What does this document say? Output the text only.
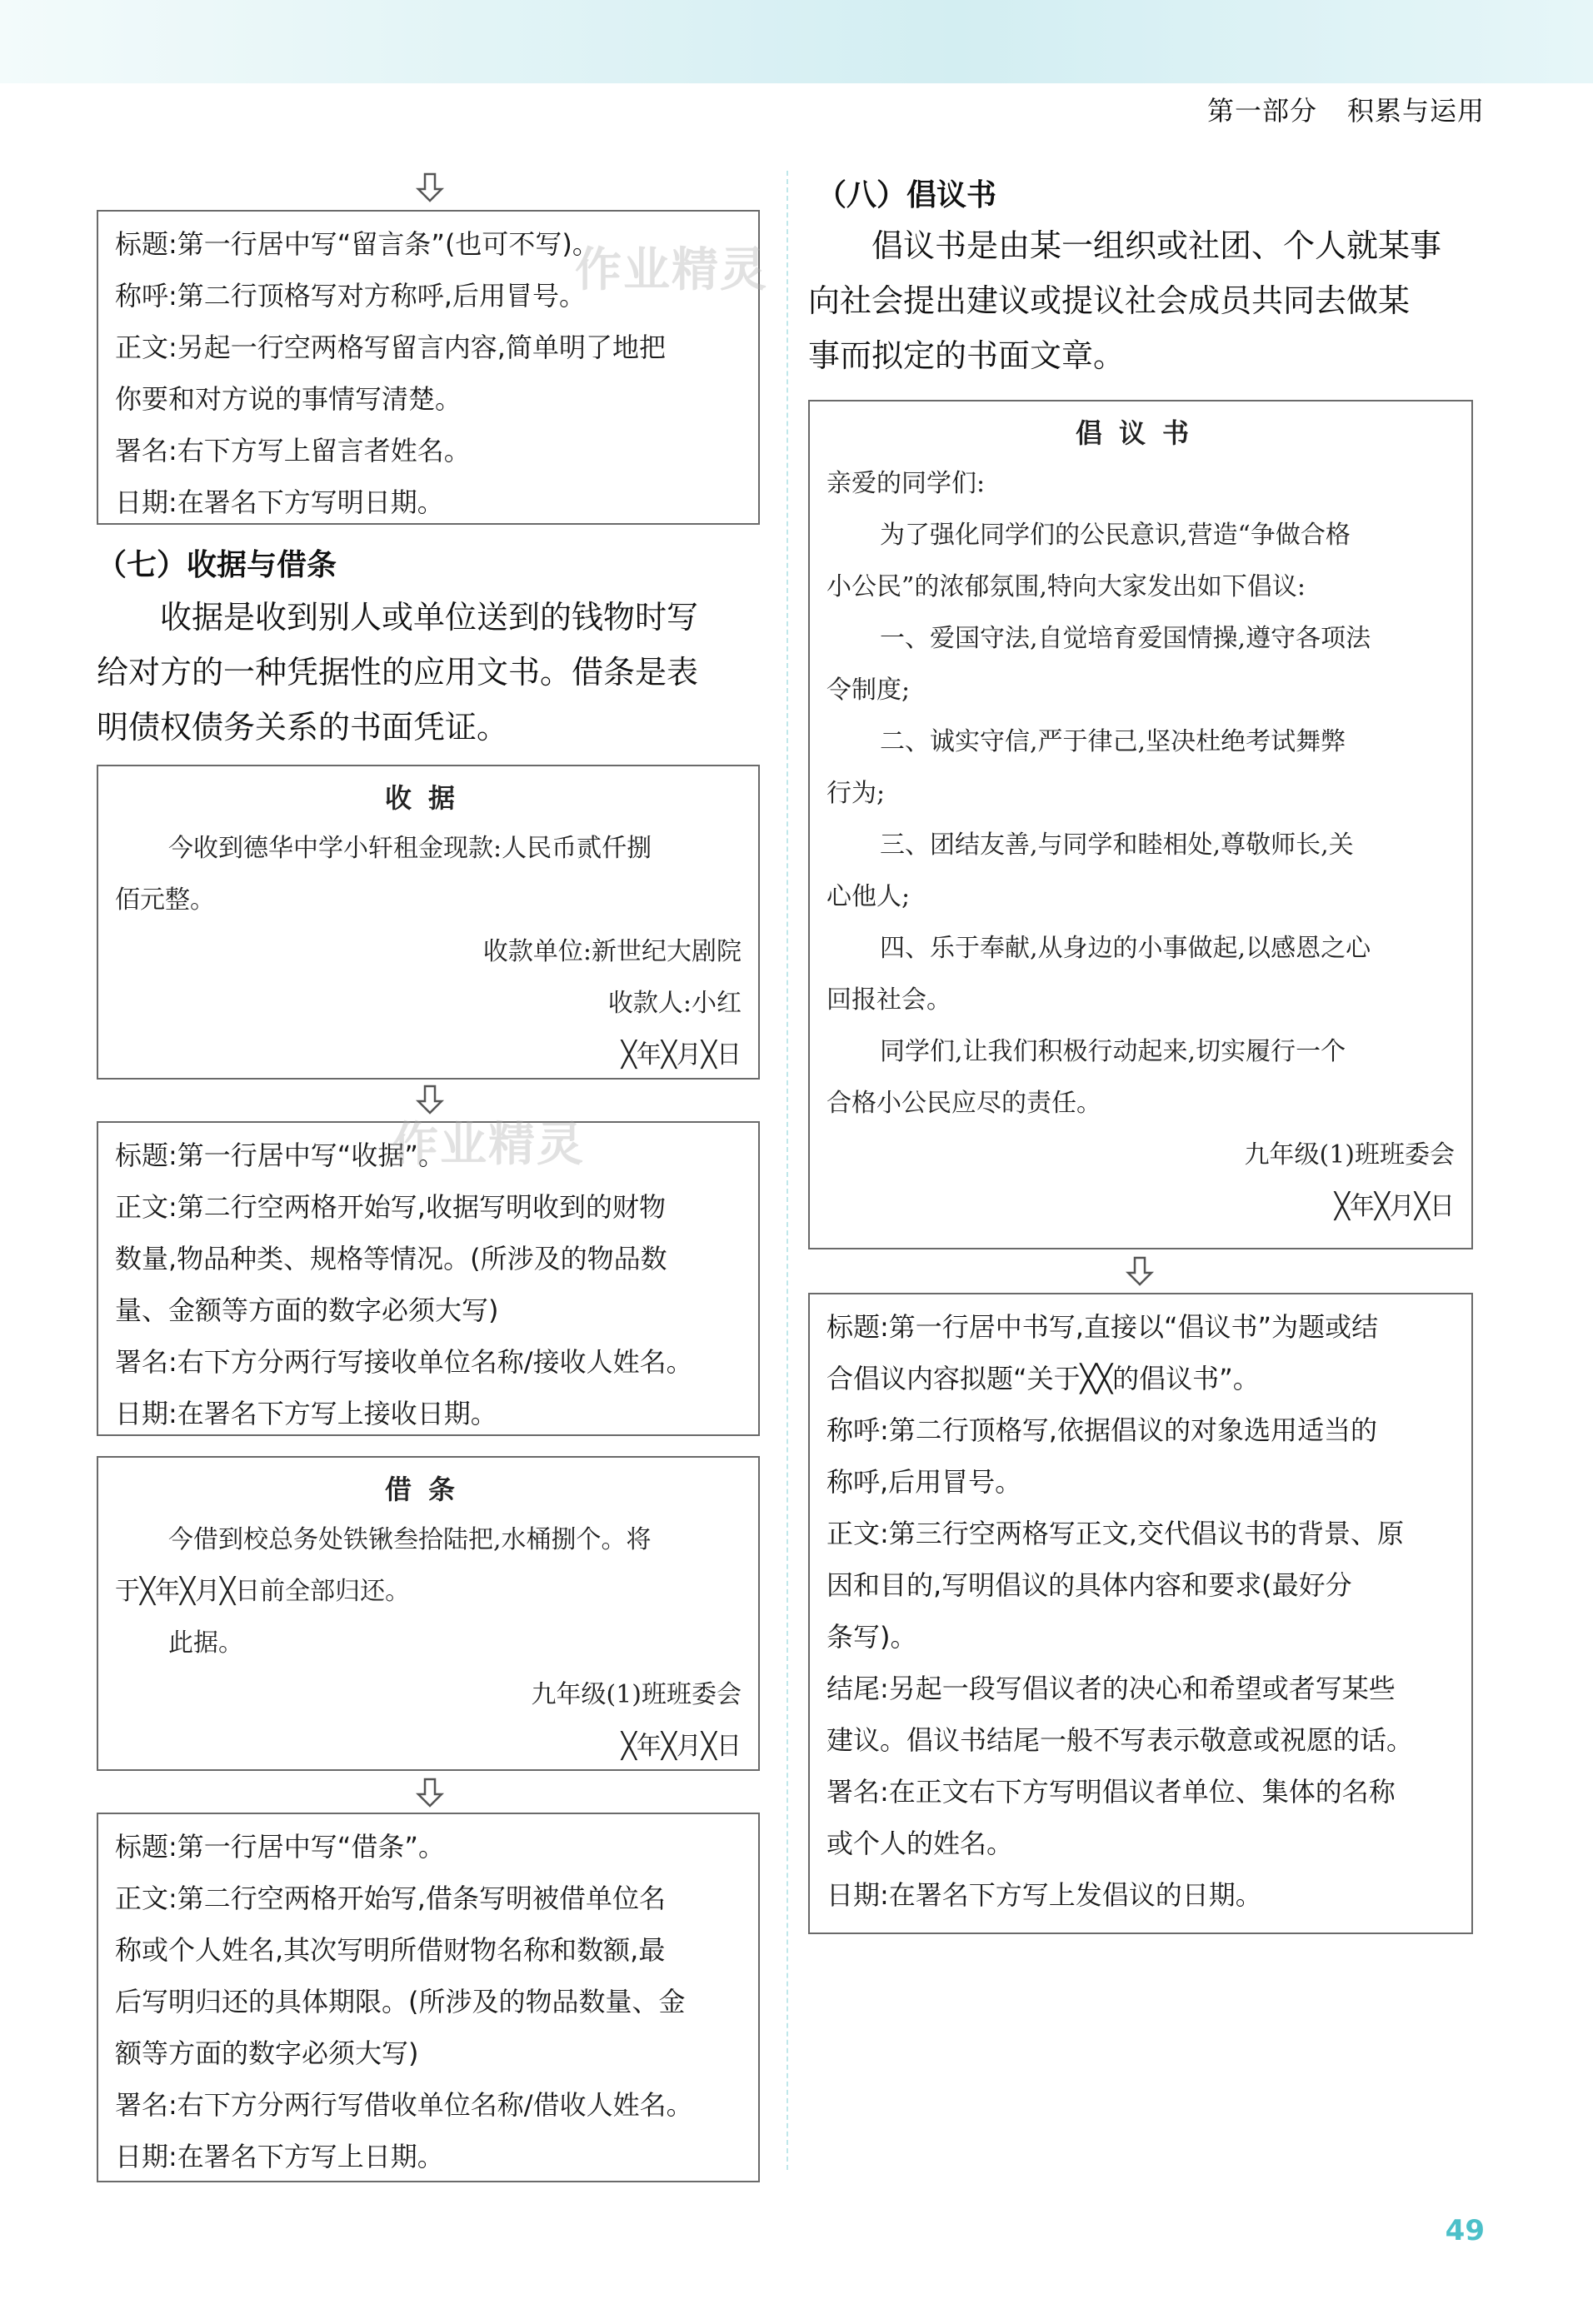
第一部分 积累与运用
标题:第一行居中写“留言条”(也可不写)。
称呼:第二行顶格写对方称呼,后用冒号。
正文:另起一行空两格写留言内容,简单明了地把
你要和对方说的事情写清楚。
署名:右下方写上留言者姓名。
日期:在署名下方写明日期。
作业精灵
（七）收据与借条
收据是收到别人或单位送到的钱物时写
给对方的一种凭据性的应用文书。借条是表
明债权债务关系的书面凭证。
收据
今收到德华中学小轩租金现款:人民币贰仟捌
佰元整。
收款单位:新世纪大剧院
收款人:小红
╳年╳月╳日
标题:第一行居中写“收据”。
正文:第二行空两格开始写,收据写明收到的财物
数量,物品种类、规格等情况。(所涉及的物品数
量、金额等方面的数字必须大写)
署名:右下方分两行写接收单位名称/接收人姓名。
日期:在署名下方写上接收日期。
作业精灵
借条
今借到校总务处铁锹叁拾陆把,水桶捌个。将
于╳年╳月╳日前全部归还。
此据。
九年级(1)班班委会
╳年╳月╳日
标题:第一行居中写“借条”。
正文:第二行空两格开始写,借条写明被借单位名
称或个人姓名,其次写明所借财物名称和数额,最
后写明归还的具体期限。(所涉及的物品数量、金
额等方面的数字必须大写)
署名:右下方分两行写借收单位名称/借收人姓名。
日期:在署名下方写上日期。
（八）倡议书
倡议书是由某一组织或社团、个人就某事
向社会提出建议或提议社会成员共同去做某
事而拟定的书面文章。
倡议书
亲爱的同学们:
为了强化同学们的公民意识,营造“争做合格
小公民”的浓郁氛围,特向大家发出如下倡议:
一、爱国守法,自觉培育爱国情操,遵守各项法
令制度;
二、诚实守信,严于律己,坚决杜绝考试舞弊
行为;
三、团结友善,与同学和睦相处,尊敬师长,关
心他人;
四、乐于奉献,从身边的小事做起,以感恩之心
回报社会。
同学们,让我们积极行动起来,切实履行一个
合格小公民应尽的责任。
九年级(1)班班委会
╳年╳月╳日
标题:第一行居中书写,直接以“倡议书”为题或结
合倡议内容拟题“关于╳╳的倡议书”。
称呼:第二行顶格写,依据倡议的对象选用适当的
称呼,后用冒号。
正文:第三行空两格写正文,交代倡议书的背景、原
因和目的,写明倡议的具体内容和要求(最好分
条写)。
结尾:另起一段写倡议者的决心和希望或者写某些
建议。倡议书结尾一般不写表示敬意或祝愿的话。
署名:在正文右下方写明倡议者单位、集体的名称
或个人的姓名。
日期:在署名下方写上发倡议的日期。
49
